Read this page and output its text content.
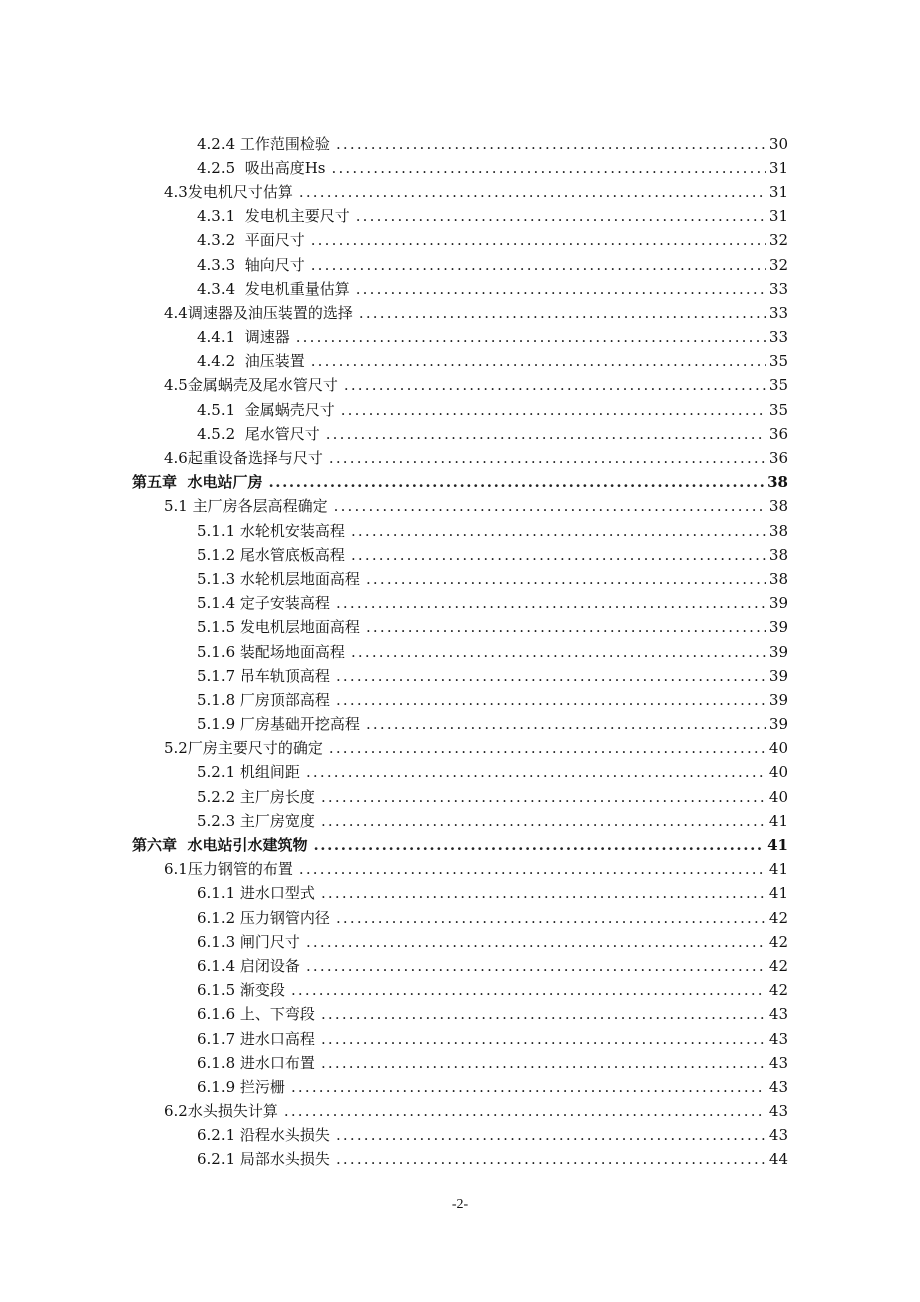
4.2.4 工作范围检验 .....	30
4.2.5  吸出高度Hs .....	31
4.3发电机尺寸估算 .....	31
4.3.1  发电机主要尺寸 .....	31
4.3.2  平面尺寸 .....	32
4.3.3  轴向尺寸 .....	32
4.3.4  发电机重量估算 .....	33
4.4调速器及油压装置的选择 .....	33
4.4.1  调速器 .....	33
4.4.2  油压装置 .....	35
4.5金属蜗壳及尾水管尺寸 .....	35
4.5.1  金属蜗壳尺寸 .....	35
4.5.2  尾水管尺寸 .....	36
4.6起重设备选择与尺寸 .....	36
第五章  水电站厂房 .....	38
5.1 主厂房各层高程确定 .....	38
5.1.1 水轮机安装高程 .....	38
5.1.2 尾水管底板高程 .....	38
5.1.3 水轮机层地面高程 .....	38
5.1.4 定子安装高程 .....	39
5.1.5 发电机层地面高程 .....	39
5.1.6 装配场地面高程 .....	39
5.1.7 吊车轨顶高程 .....	39
5.1.8 厂房顶部高程 .....	39
5.1.9 厂房基础开挖高程 .....	39
5.2厂房主要尺寸的确定 .....	40
5.2.1 机组间距 .....	40
5.2.2 主厂房长度 .....	40
5.2.3 主厂房宽度 .....	41
第六章  水电站引水建筑物 .....	41
6.1压力钢管的布置 .....	41
6.1.1 进水口型式 .....	41
6.1.2 压力钢管内径 .....	42
6.1.3 闸门尺寸 .....	42
6.1.4 启闭设备 .....	42
6.1.5 渐变段 .....	42
6.1.6 上、下弯段 .....	43
6.1.7 进水口高程 .....	43
6.1.8 进水口布置 .....	43
6.1.9 拦污栅 .....	43
6.2水头损失计算 .....	43
6.2.1 沿程水头损失 .....	43
6.2.1 局部水头损失 .....	44
-2-
